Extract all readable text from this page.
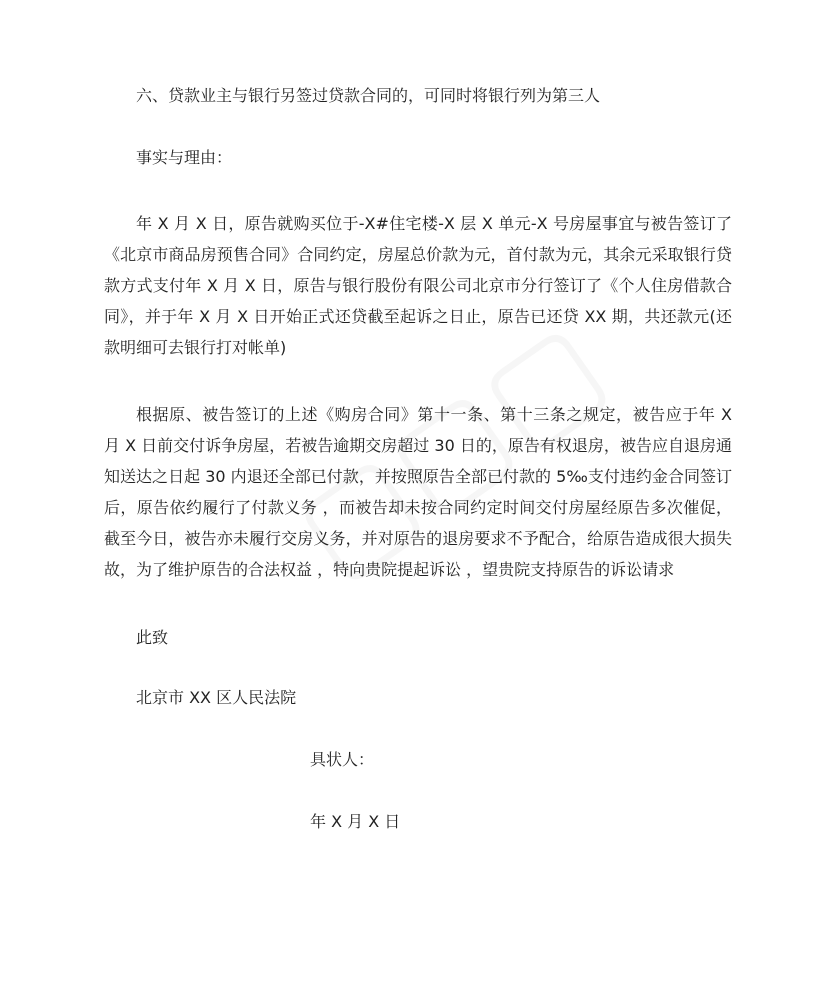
六、贷款业主与银行另签过贷款合同的，可同时将银行列为第三人
事实与理由：

年 X 月 X 日，原告就购买位于-X#住宅楼-X 层 X 单元-X 号房屋事宜与被告签订了《北京市商品房预售合同》合同约定，房屋总价款为元，首付款为元，其余元采取银行贷款方式支付年 X 月 X 日，原告与银行股份有限公司北京市分行签订了《个人住房借款合同》，并于年 X 月 X 日开始正式还贷截至起诉之日止，原告已还贷 XX 期，共还款元(还款明细可去银行打对帐单)

根据原、被告签订的上述《购房合同》第十一条、第十三条之规定，被告应于年 X 月 X 日前交付诉争房屋，若被告逾期交房超过 30 日的，原告有权退房，被告应自退房通知送达之日起 30 内退还全部已付款，并按照原告全部已付款的 5‰支付违约金合同签订后，原告依约履行了付款义务 ，而被告却未按合同约定时间交付房屋经原告多次催促，截至今日，被告亦未履行交房义务，并对原告的退房要求不予配合，给原告造成很大损失故，为了维护原告的合法权益 ，特向贵院提起诉讼 ，望贵院支持原告的诉讼请求

此致
北京市 XX 区人民法院
具状人：
年 X 月 X 日
